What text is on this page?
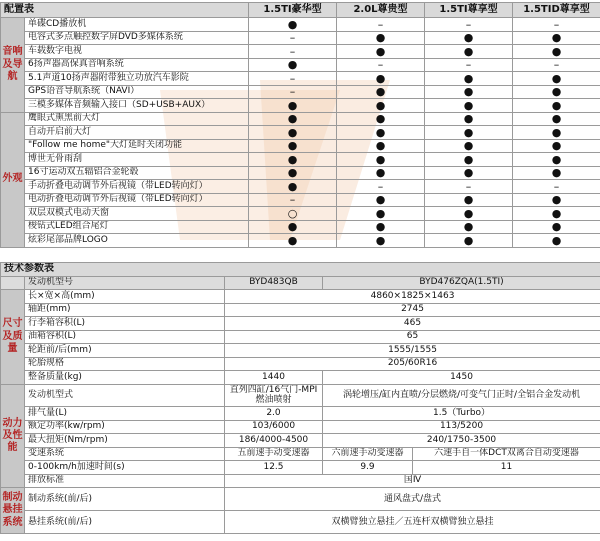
配置表		1.5TI豪华型	2.0L尊贵型	1.5TI尊享型	1.5TID尊享型
音响及导航	单碟CD播放机	●	–	–	–
	电容式多点触控数字屏DVD多媒体系统	–	●	●	●
	车载数字电视	–	●	●	●
	6扬声器高保真音响系统	●	–	–	–
	5.1声道10扬声器附带独立功放汽车影院	–	●	●	●
	GPS语音导航系统（NAVI）	–	●	●	●
	三模多媒体音频输入接口（SD+USB+AUX）	●	●	●	●
外观	鹰眼式熏黑前大灯	●	●	●	●
	自动开启前大灯	●	●	●	●
	"Follow me home"大灯延时关闭功能	●	●	●	●
	博世无骨雨刮	●	●	●	●
	16寸运动双五辐铝合金轮毂	●	●	●	●
	手动折叠电动调节外后视镜（带LED转向灯）	●	–	–	–
	电动折叠电动调节外后视镜（带LED转向灯）	–	●	●	●
	双层双模式电动天窗	○	●	●	●
	梭钻式LED组合尾灯	●	●	●	●
	炫彩尾部品牌LOGO	●	●	●	●
技术参数表				
	发动机型号	BYD483QB	BYD476ZQA(1.5TI)	
尺寸及质量	长×宽×高(mm)	4860×1825×1463		
	轴距(mm)	2745		
	行李箱容积(L)	465		
	油箱容积(L)	65		
	轮距前/后(mm)	1555/1555		
	轮胎规格	205/60R16		
	整备质量(kg)	1440	1450	
动力及性能	发动机型式	直列四缸/16气门-MPI燃油喷射	涡轮增压/缸内直喷/分层燃烧/可变气门正时/全铝合金发动机	
	排气量(L)	2.0	1.5（Turbo）	
	额定功率(kw/rpm)	103/6000	113/5200	
	最大扭矩(Nm/rpm)	186/4000-4500	240/1750-3500	
	变速系统	五前速手动变速器	六前速手动变速器	六速手自一体DCT双离合自动变速器
	0-100km/h加速时间(s)	12.5	9.9	11
	排放标准	国Ⅳ		
制动悬挂系统	制动系统(前/后)	通风盘式/盘式		
	悬挂系统(前/后)	双横臂独立悬挂／五连杆双横臂独立悬挂		
